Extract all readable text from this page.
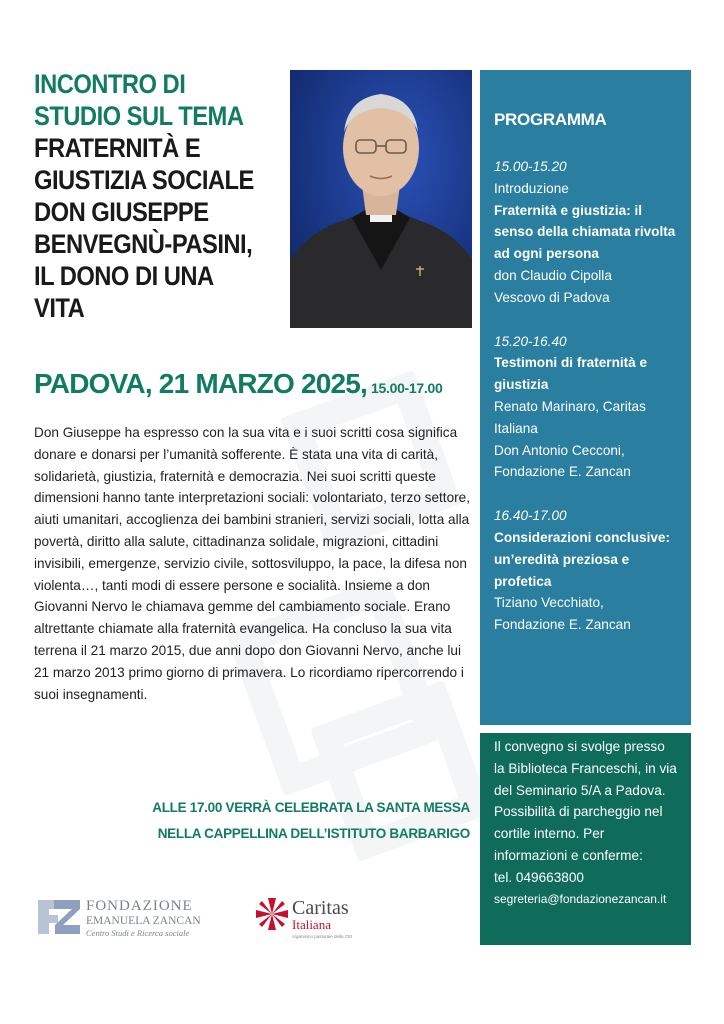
INCONTRO DI
STUDIO SUL TEMA
FRATERNITÀ E
GIUSTIZIA SOCIALE
DON GIUSEPPE
BENVEGNÙ-PASINI,
IL DONO DI UNA
VITA
PADOVA, 21 MARZO 2025, 15.00-17.00
Don Giuseppe ha espresso con la sua vita e i suoi scritti cosa significa donare e donarsi per l’umanità sofferente. È stata una vita di carità, solidarietà, giustizia, fraternità e democrazia. Nei suoi scritti queste dimensioni hanno tante interpretazioni sociali: volontariato, terzo settore, aiuti umanitari, accoglienza dei bambini stranieri, servizi sociali, lotta alla povertà, diritto alla salute, cittadinanza solidale, migrazioni, cittadini invisibili, emergenze, servizio civile, sottosviluppo, la pace, la difesa non violenta…, tanti modi di essere persone e socialità. Insieme a don Giovanni Nervo le chiamava gemme del cambiamento sociale. Erano altrettante chiamate alla fraternità evangelica. Ha concluso la sua vita terrena il 21 marzo 2015, due anni dopo don Giovanni Nervo, anche lui 21 marzo 2013 primo giorno di primavera. Lo ricordiamo ripercorrendo i suoi insegnamenti.
ALLE 17.00 VERRÀ CELEBRATA LA SANTA MESSA
NELLA CAPPELLINA DELL’ISTITUTO BARBARIGO
PROGRAMMA
15.00-15.20
Introduzione
Fraternità e giustizia: il senso della chiamata rivolta ad ogni persona
don Claudio Cipolla
Vescovo di Padova
15.20-16.40
Testimoni di fraternità e giustizia
Renato Marinaro, Caritas Italiana
Don Antonio Cecconi, Fondazione E. Zancan
16.40-17.00
Considerazioni conclusive: un’eredità preziosa e profetica
Tiziano Vecchiato,
Fondazione E. Zancan
Il convegno si svolge presso la Biblioteca Franceschi, in via del Seminario 5/A a Padova. Possibilità di parcheggio nel cortile interno. Per informazioni e conferme:
tel. 049663800
segreteria@fondazionezancan.it
FONDAZIONE
EMANUELA ZANCAN
Centro Studi e Ricerca sociale
Caritas
Italiana
organismo pastorale della CEI
